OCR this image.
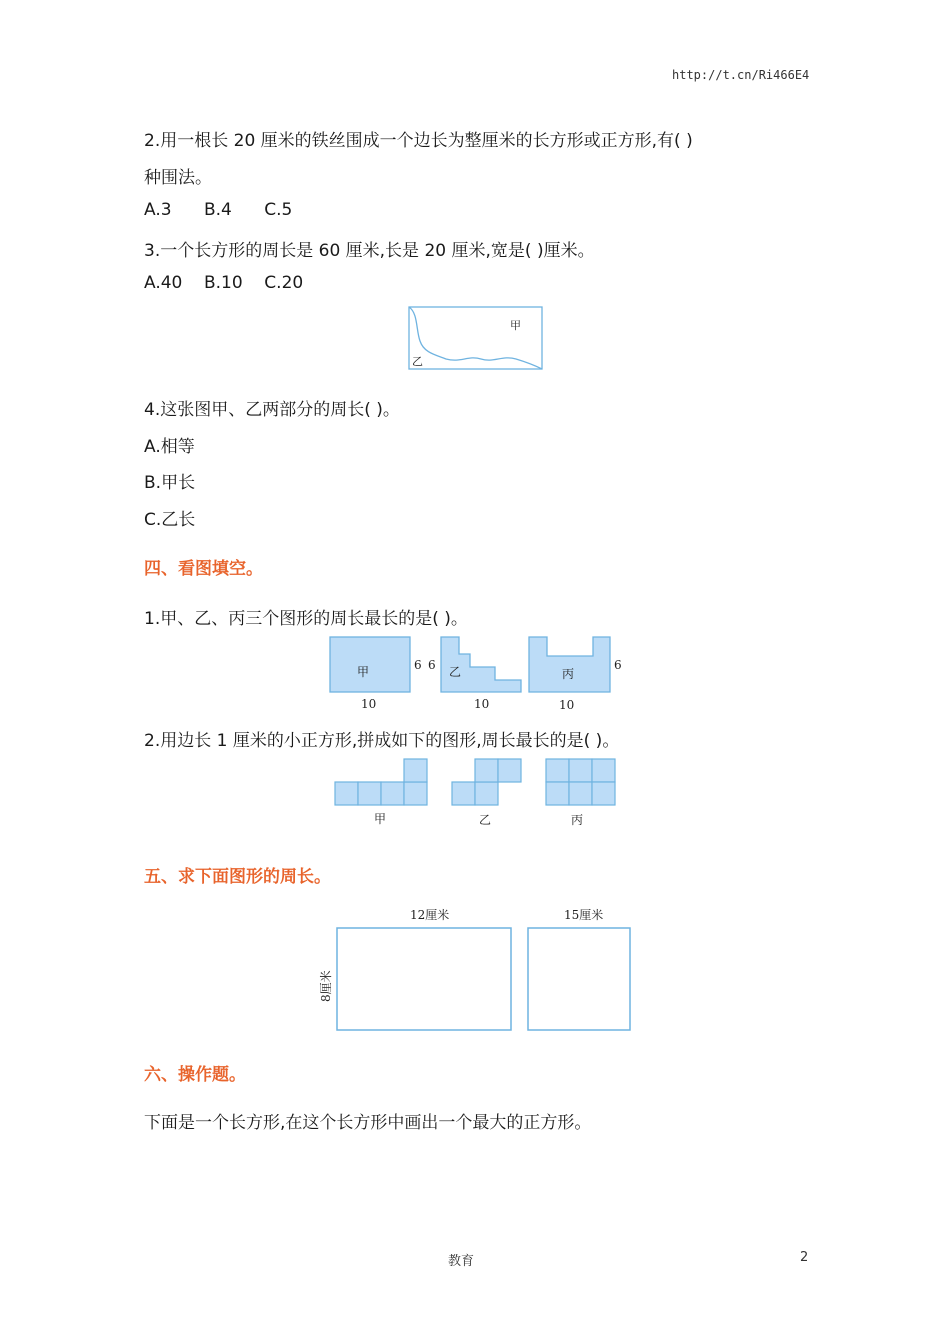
http://t.cn/Ri466E4
2.用一根长 20 厘米的铁丝围成一个边长为整厘米的长方形或正方形,有( )
种围法。
A.3      B.4      C.5
3.一个长方形的周长是 60 厘米,长是 20 厘米,宽是( )厘米。
A.40    B.10    C.20
甲
乙
4.这张图甲、乙两部分的周长( )。
A.相等
B.甲长
C.乙长
四、看图填空。
1.甲、乙、丙三个图形的周长最长的是( )。
甲	6
10
乙
6
10
丙
6
10
2.用边长 1 厘米的小正方形,拼成如下的图形,周长最长的是( )。
甲	乙	丙
五、求下面图形的周长。
12厘米
8厘米
15厘米
六、操作题。
下面是一个长方形,在这个长方形中画出一个最大的正方形。
教育	2
